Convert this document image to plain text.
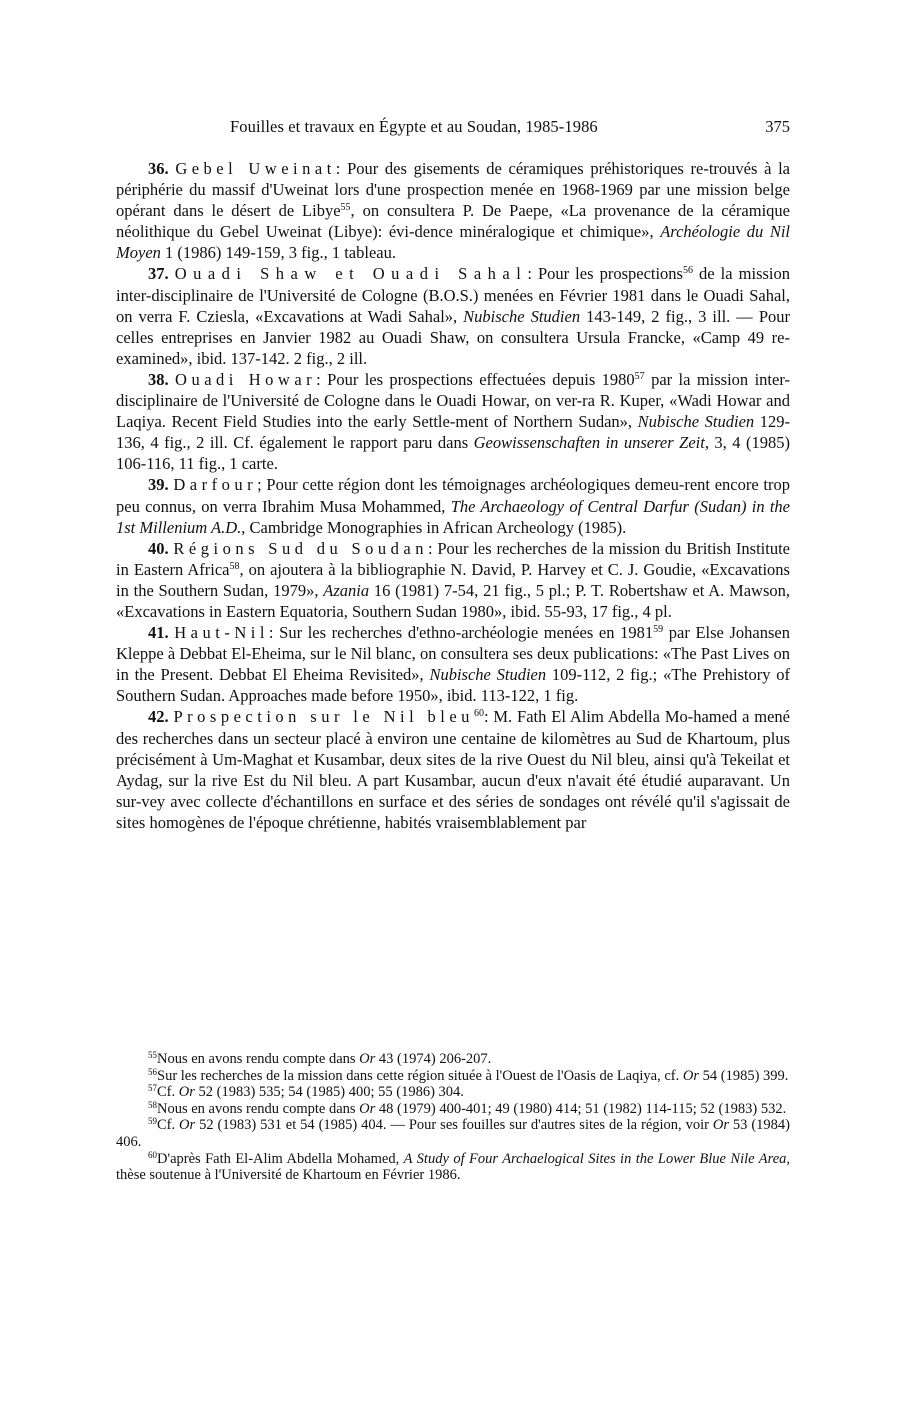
Fouilles et travaux en Égypte et au Soudan, 1985-1986	375

36. Gebel Uweinat: Pour des gisements de céramiques préhistoriques re-trouvés à la périphérie du massif d'Uweinat lors d'une prospection menée en 1968-1969 par une mission belge opérant dans le désert de Libye$^{55}$, on consultera P. De Paepe, «La provenance de la céramique néolithique du Gebel Uweinat (Libye): évi-dence minéralogique et chimique», Archéologie du Nil Moyen 1 (1986) 149-159, 3 fig., 1 tableau.

37. Ouadi Shaw et Ouadi Sahal: Pour les prospections$^{56}$ de la mission inter-disciplinaire de l'Université de Cologne (B.O.S.) menées en Février 1981 dans le Ouadi Sahal, on verra F. Cziesla, «Excavations at Wadi Sahal», Nubische Studien 143-149, 2 fig., 3 ill. — Pour celles entreprises en Janvier 1982 au Ouadi Shaw, on consultera Ursula Francke, «Camp 49 re-examined», ibid. 137-142. 2 fig., 2 ill.

38. Ouadi Howar: Pour les prospections effectuées depuis 1980$^{57}$ par la mission inter-disciplinaire de l'Université de Cologne dans le Ouadi Howar, on ver-ra R. Kuper, «Wadi Howar and Laqiya. Recent Field Studies into the early Settle-ment of Northern Sudan», Nubische Studien 129-136, 4 fig., 2 ill. Cf. également le rapport paru dans Geowissenschaften in unserer Zeit, 3, 4 (1985) 106-116, 11 fig., 1 carte.

39. Darfour; Pour cette région dont les témoignages archéologiques demeu-rent encore trop peu connus, on verra Ibrahim Musa Mohammed, The Archaeology of Central Darfur (Sudan) in the 1st Millenium A.D., Cambridge Monographies in African Archeology (1985).

40. Régions Sud du Soudan: Pour les recherches de la mission du British Institute in Eastern Africa$^{58}$, on ajoutera à la bibliographie N. David, P. Harvey et C. J. Goudie, «Excavations in the Southern Sudan, 1979», Azania 16 (1981) 7-54, 21 fig., 5 pl.; P. T. Robertshaw et A. Mawson, «Excavations in Eastern Equatoria, Southern Sudan 1980», ibid. 55-93, 17 fig., 4 pl.

41. Haut-Nil: Sur les recherches d'ethno-archéologie menées en 1981$^{59}$ par Else Johansen Kleppe à Debbat El-Eheima, sur le Nil blanc, on consultera ses deux publications: «The Past Lives on in the Present. Debbat El Eheima Revisited», Nubische Studien 109-112, 2 fig.; «The Prehistory of Southern Sudan. Approaches made before 1950», ibid. 113-122, 1 fig.

42. Prospection sur le Nil bleu$^{60}$: M. Fath El Alim Abdella Mo-hamed a mené des recherches dans un secteur placé à environ une centaine de kilomètres au Sud de Khartoum, plus précisément à Um-Maghat et Kusambar, deux sites de la rive Ouest du Nil bleu, ainsi qu'à Tekeilat et Aydag, sur la rive Est du Nil bleu. A part Kusambar, aucun d'eux n'avait été étudié auparavant. Un sur-vey avec collecte d'échantillons en surface et des séries de sondages ont révélé qu'il s'agissait de sites homogènes de l'époque chrétienne, habités vraisemblablement par

$^{55}$Nous en avons rendu compte dans Or 43 (1974) 206-207.

$^{56}$Sur les recherches de la mission dans cette région située à l'Ouest de l'Oasis de Laqiya, cf. Or 54 (1985) 399.

$^{57}$Cf. Or 52 (1983) 535; 54 (1985) 400; 55 (1986) 304.

$^{58}$Nous en avons rendu compte dans Or 48 (1979) 400-401; 49 (1980) 414; 51 (1982) 114-115; 52 (1983) 532.

$^{59}$Cf. Or 52 (1983) 531 et 54 (1985) 404. — Pour ses fouilles sur d'autres sites de la région, voir Or 53 (1984) 406.

$^{60}$D'après Fath El-Alim Abdella Mohamed, A Study of Four Archaelogical Sites in the Lower Blue Nile Area, thèse soutenue à l'Université de Khartoum en Février 1986.
